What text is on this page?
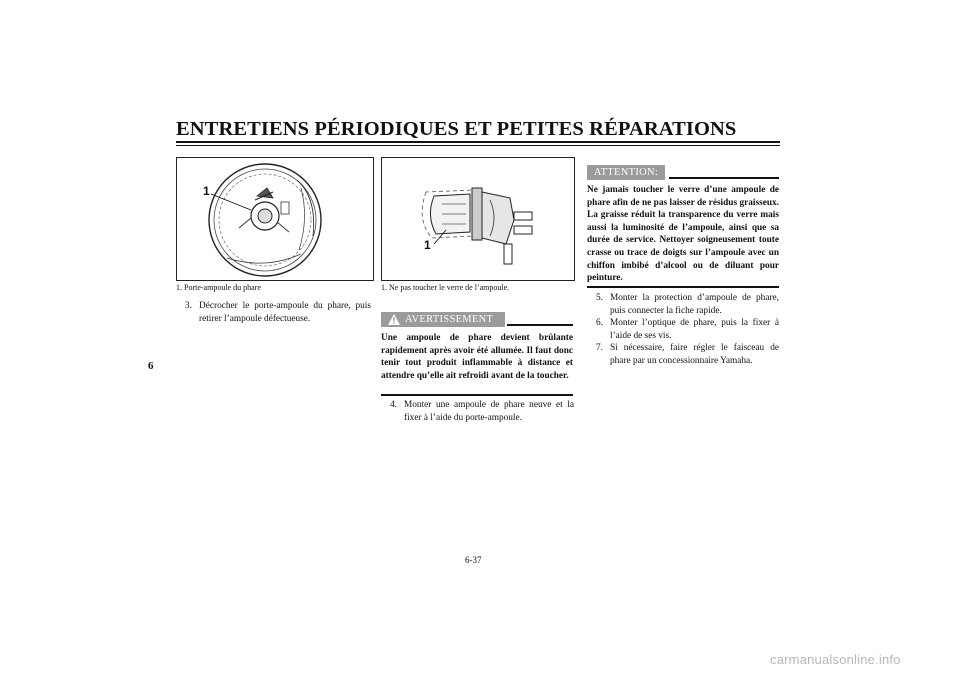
ENTRETIENS PÉRIODIQUES ET PETITES RÉPARATIONS
6
1
1. Porte-ampoule du phare
1
1. Ne pas toucher le verre de l’ampoule.
3. Décrocher le porte-ampoule du phare, puis retirer l’ampoule défectueuse.	AVERTISSEMENT
Une ampoule de phare devient brûlante rapidement après avoir été allumée. Il faut donc tenir tout produit inflammable à distance et attendre qu’elle ait refroidi avant de la toucher.
4. Monter une ampoule de phare neuve et la fixer à l’aide du porte-ampoule.
ATTENTION:
Ne jamais toucher le verre d’une ampoule de phare afin de ne pas laisser de résidus graisseux. La graisse réduit la transparence du verre mais aussi la luminosité de l’ampoule, ainsi que sa durée de service. Nettoyer soigneusement toute crasse ou trace de doigts sur l’ampoule avec un chiffon imbibé d’alcool ou de diluant pour peinture.
5. Monter la protection d’ampoule de phare, puis connecter la fiche rapide.
6. Monter l’optique de phare, puis la fixer à l’aide de ses vis.
7. Si nécessaire, faire régler le faisceau de phare par un concessionnaire Yamaha.
6-37
carmanualsonline.info
